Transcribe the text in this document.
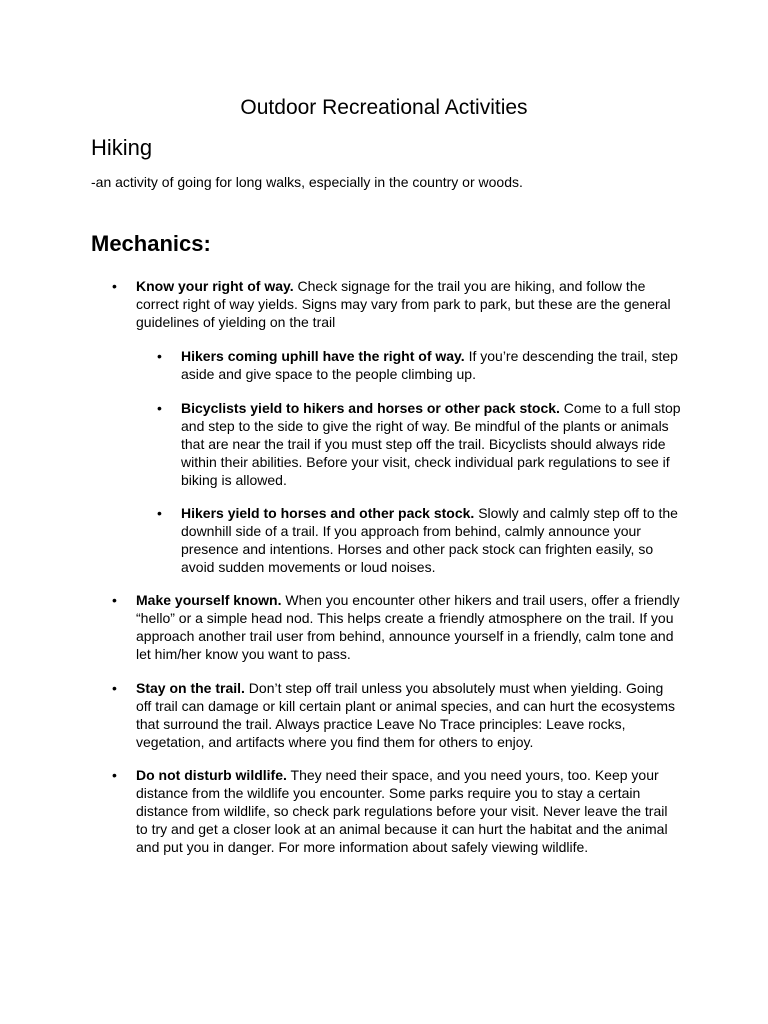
Outdoor Recreational Activities
Hiking

-an activity of going for long walks, especially in the country or woods.

Mechanics:
• Know your right of way. Check signage for the trail you are hiking, and follow the correct right of way yields. Signs may vary from park to park, but these are the general guidelines of yielding on the trail
• Hikers coming uphill have the right of way. If you’re descending the trail, step aside and give space to the people climbing up.
• Bicyclists yield to hikers and horses or other pack stock. Come to a full stop and step to the side to give the right of way. Be mindful of the plants or animals that are near the trail if you must step off the trail. Bicyclists should always ride within their abilities. Before your visit, check individual park regulations to see if biking is allowed.
• Hikers yield to horses and other pack stock. Slowly and calmly step off to the downhill side of a trail. If you approach from behind, calmly announce your presence and intentions. Horses and other pack stock can frighten easily, so avoid sudden movements or loud noises.
• Make yourself known. When you encounter other hikers and trail users, offer a friendly “hello” or a simple head nod. This helps create a friendly atmosphere on the trail. If you approach another trail user from behind, announce yourself in a friendly, calm tone and let him/her know you want to pass.
• Stay on the trail. Don’t step off trail unless you absolutely must when yielding. Going off trail can damage or kill certain plant or animal species, and can hurt the ecosystems that surround the trail. Always practice Leave No Trace principles: Leave rocks, vegetation, and artifacts where you find them for others to enjoy.
• Do not disturb wildlife. They need their space, and you need yours, too. Keep your distance from the wildlife you encounter. Some parks require you to stay a certain distance from wildlife, so check park regulations before your visit. Never leave the trail to try and get a closer look at an animal because it can hurt the habitat and the animal and put you in danger. For more information about safely viewing wildlife.
